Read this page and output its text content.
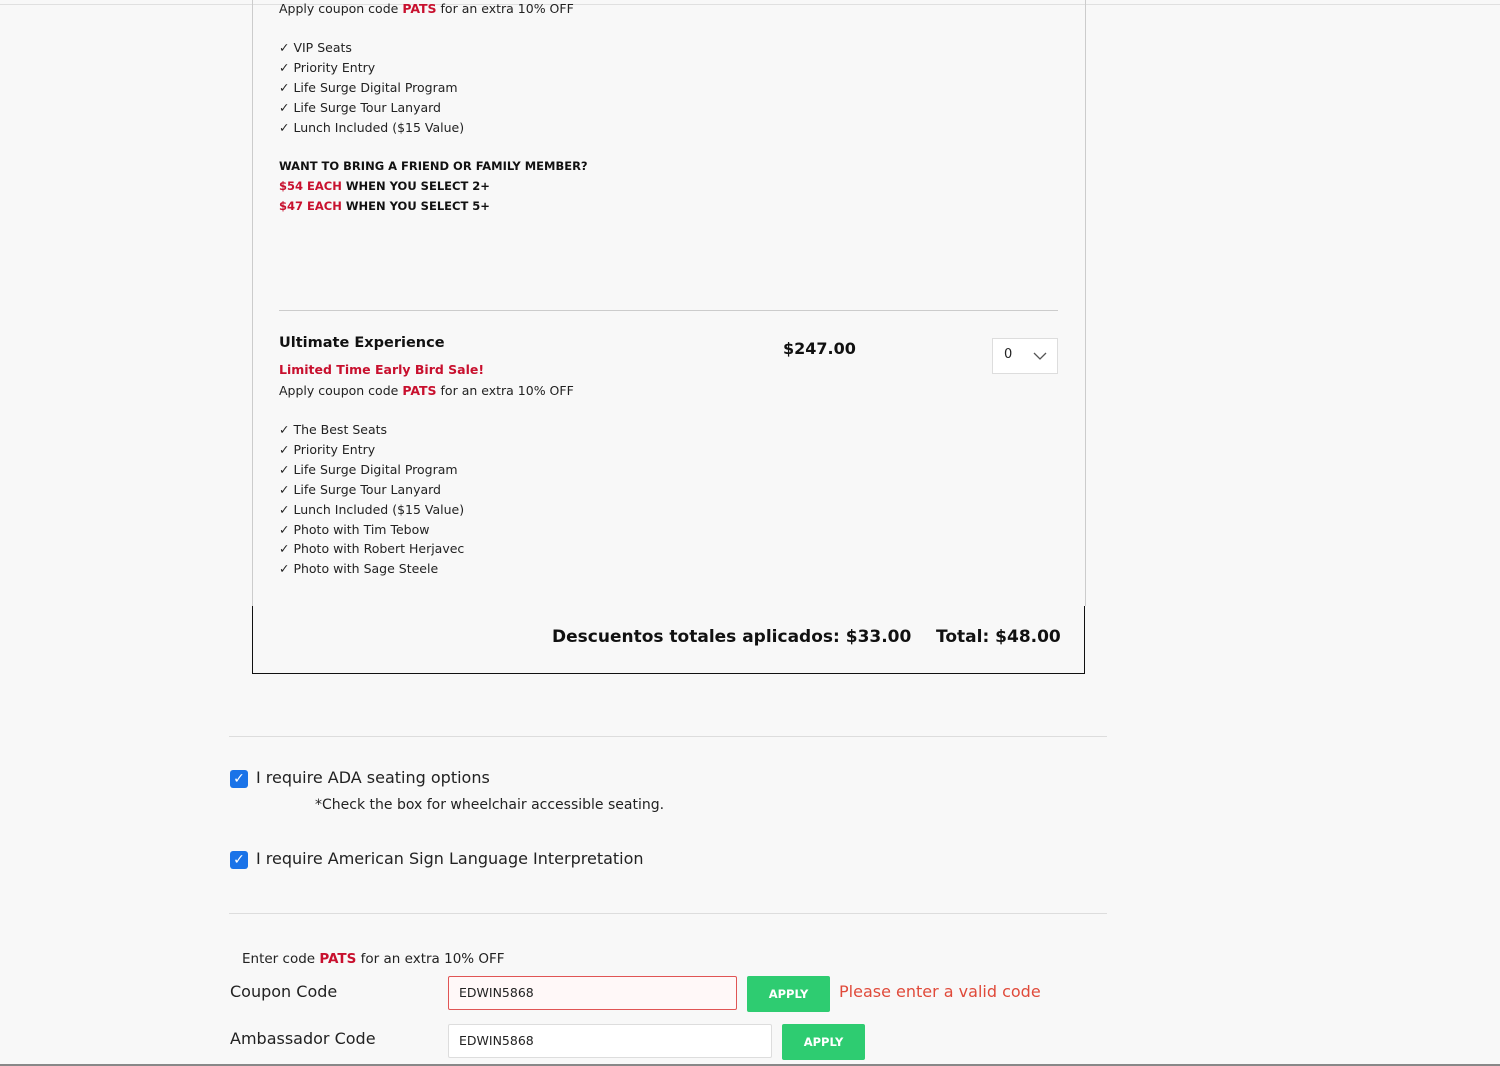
Apply coupon code PATS for an extra 10% OFF
✓ VIP Seats
✓ Priority Entry
✓ Life Surge Digital Program
✓ Life Surge Tour Lanyard
✓ Lunch Included ($15 Value)
WANT TO BRING A FRIEND OR FAMILY MEMBER?
$54 EACH WHEN YOU SELECT 2+
$47 EACH WHEN YOU SELECT 5+
Ultimate Experience
Limited Time Early Bird Sale!
Apply coupon code PATS for an extra 10% OFF
$247.00	0
✓ The Best Seats
✓ Priority Entry
✓ Life Surge Digital Program
✓ Life Surge Tour Lanyard
✓ Lunch Included ($15 Value)
✓ Photo with Tim Tebow
✓ Photo with Robert Herjavec
✓ Photo with Sage Steele
Descuentos totales aplicados: $33.00 Total: $48.00
✓ I require ADA seating options
*Check the box for wheelchair accessible seating.
✓ I require American Sign Language Interpretation
Enter code PATS for an extra 10% OFF
Coupon Code	EDWIN5868	APPLY	Please enter a valid code
Ambassador Code	EDWIN5868	APPLY
